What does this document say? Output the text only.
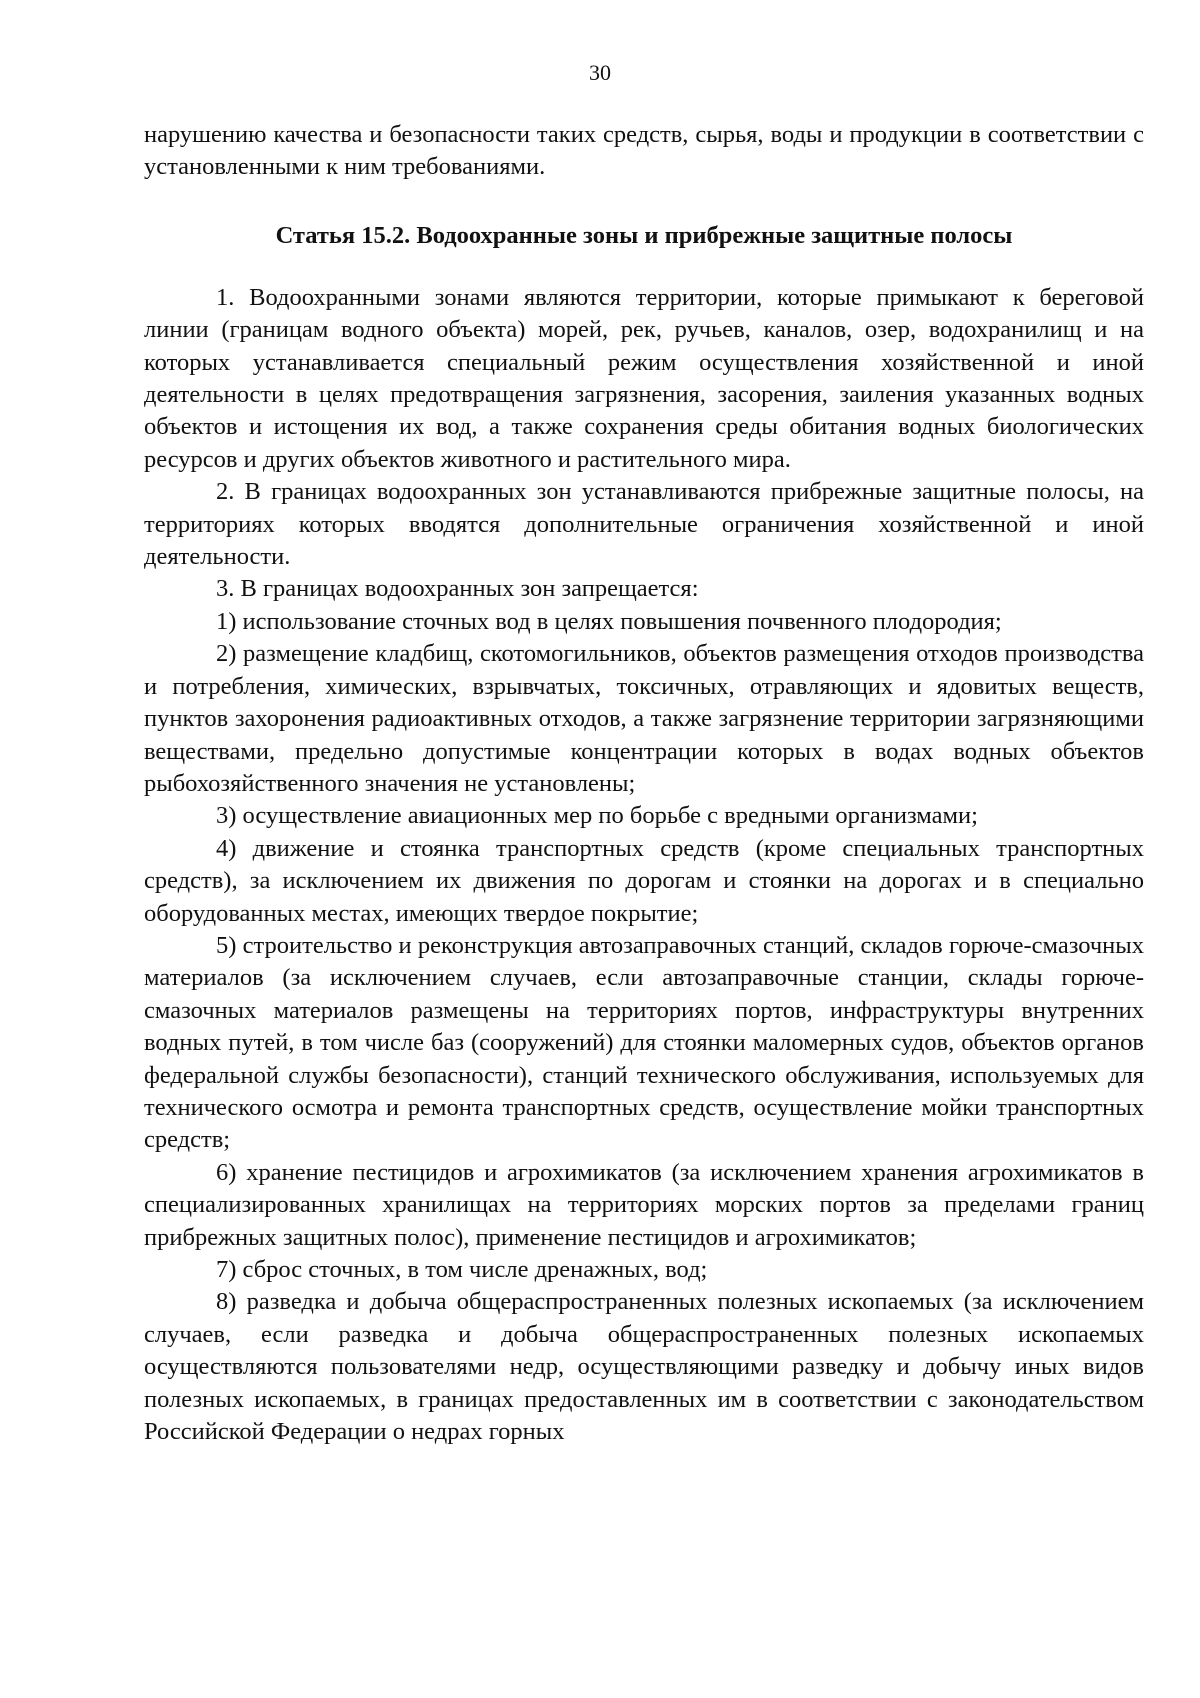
30

нарушению качества и безопасности таких средств, сырья, воды и продукции в соответствии с установленными к ним требованиями.

Статья 15.2. Водоохранные зоны и прибрежные защитные полосы

1. Водоохранными зонами являются территории, которые примыкают к береговой линии (границам водного объекта) морей, рек, ручьев, каналов, озер, водохранилищ и на которых устанавливается специальный режим осуществления хозяйственной и иной деятельности в целях предотвращения загрязнения, засорения, заиления указанных водных объектов и истощения их вод, а также сохранения среды обитания водных биологических ресурсов и других объектов животного и растительного мира.

2. В границах водоохранных зон устанавливаются прибрежные защитные полосы, на территориях которых вводятся дополнительные ограничения хозяйственной и иной деятельности.

3. В границах водоохранных зон запрещается:

1) использование сточных вод в целях повышения почвенного плодородия;

2) размещение кладбищ, скотомогильников, объектов размещения отходов производства и потребления, химических, взрывчатых, токсичных, отравляющих и ядовитых веществ, пунктов захоронения радиоактивных отходов, а также загрязнение территории загрязняющими веществами, предельно допустимые концентрации которых в водах водных объектов рыбохозяйственного значения не установлены;

3) осуществление авиационных мер по борьбе с вредными организмами;

4) движение и стоянка транспортных средств (кроме специальных транспортных средств), за исключением их движения по дорогам и стоянки на дорогах и в специально оборудованных местах, имеющих твердое покрытие;

5) строительство и реконструкция автозаправочных станций, складов горюче-смазочных материалов (за исключением случаев, если автозаправочные станции, склады горюче-смазочных материалов размещены на территориях портов, инфраструктуры внутренних водных путей, в том числе баз (сооружений) для стоянки маломерных судов, объектов органов федеральной службы безопасности), станций технического обслуживания, используемых для технического осмотра и ремонта транспортных средств, осуществление мойки транспортных средств;

6) хранение пестицидов и агрохимикатов (за исключением хранения агрохимикатов в специализированных хранилищах на территориях морских портов за пределами границ прибрежных защитных полос), применение пестицидов и агрохимикатов;

7) сброс сточных, в том числе дренажных, вод;

8) разведка и добыча общераспространенных полезных ископаемых (за исключением случаев, если разведка и добыча общераспространенных полезных ископаемых осуществляются пользователями недр, осуществляющими разведку и добычу иных видов полезных ископаемых, в границах предоставленных им в соответствии с законодательством Российской Федерации о недрах горных
